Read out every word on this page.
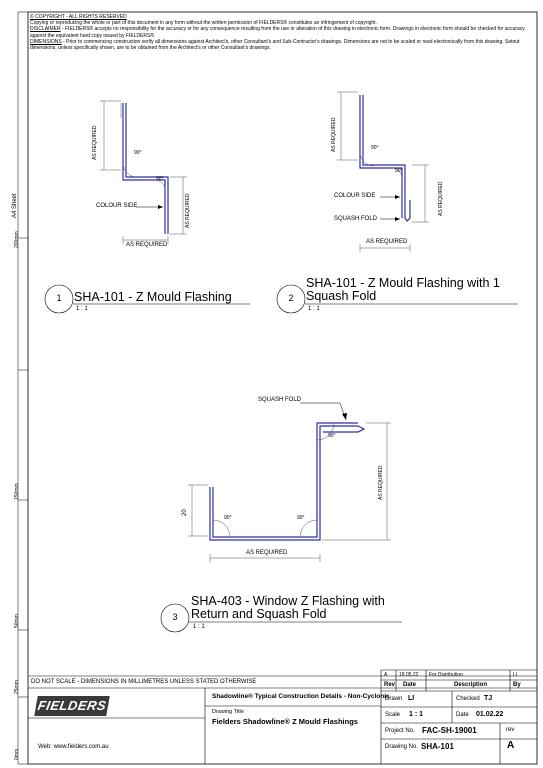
© COPYRIGHT - ALL RIGHTS RESERVED
Copying or reproducing the whole or part of this document in any form without the written permission of FIELDERS® constitutes an infringement of copyright.
DISCLAIMER - FIELDERS® accepts no responsibility for the accuracy or for any consequence resulting from the use or alteration of this drawing in electronic form. Drawings in electronic form should be checked for accuracy against the equivalent hard copy issued by FIELDERS®.
DIMENSIONS - Prior to commencing construction verify all dimensions against Architect's, other Consultant's and Sub-Contractor's drawings. Dimensions are not to be scaled or read electronically from this drawing. Setout dimensions, unless specifically shown, are to be obtained from the Architect's or other Consultant's drawings.
A4 Sheet
200mm
150mm
50mm
25mm
0mm
AS REQUIRED
AS REQUIRED
AS REQUIRED
90°
90°
COLOUR SIDE
AS REQUIRED
AS REQUIRED
AS REQUIRED
90°
90°
COLOUR SIDE
SQUASH FOLD
SQUASH FOLD
20
AS REQUIRED
AS REQUIRED
90°	90°
90°
1	SHA-101 - Z Mould Flashing
1 : 1
2
SHA-101 - Z Mould Flashing with 1
Squash Fold
1 : 1
3
SHA-403 - Window Z Flashing with
Return and Squash Fold
1 : 1
DO NOT SCALE - DIMENSIONS IN MILLIMETRES UNLESS STATED OTHERWISE
FIELDERS
Web: www.fielders.com.au
Shadowline® Typical Construction Details - Non-Cyclonic
Drawing Title
Fielders Shadowline® Z Mould Flashings
A 18.05.22 For Distribution	LI
Rev Date	Description	By
Drawn LI	Checked TJ
Scale 1 : 1	Date 01.02.22
Project No. FAC-SH-19001	rev
Drawing No. SHA-101	A
